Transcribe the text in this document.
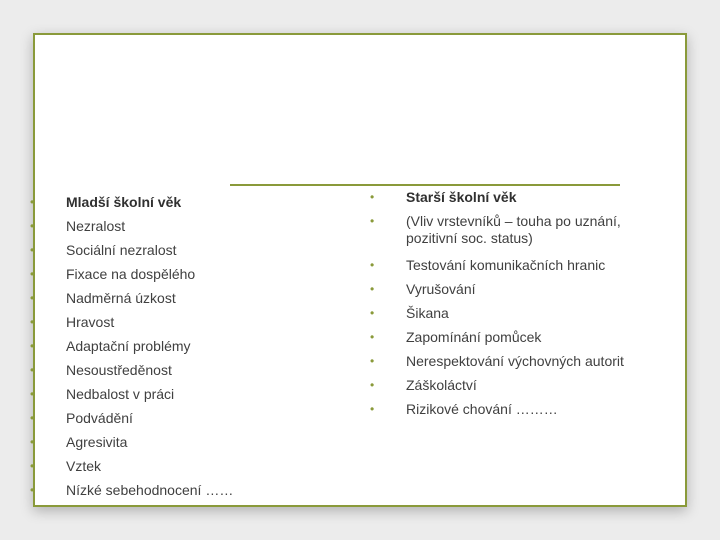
• Mladší školní věk
• Nezralost
• Sociální nezralost
• Fixace na dospělého
• Nadměrná úzkost
• Hravost
• Adaptační problémy
• Nesoustředěnost
• Nedbalost v práci
• Podvádění
• Agresivita
• Vztek
• Nízké sebehodnocení ……
• Starší školní věk
• (Vliv vrstevníků – touha po uznání, pozitivní soc. status)
• Testování komunikačních hranic
• Vyrušování
• Šikana
• Zapomínání pomůcek
• Nerespektování výchovných autorit
• Záškoláctví
• Rizikové chování ………
